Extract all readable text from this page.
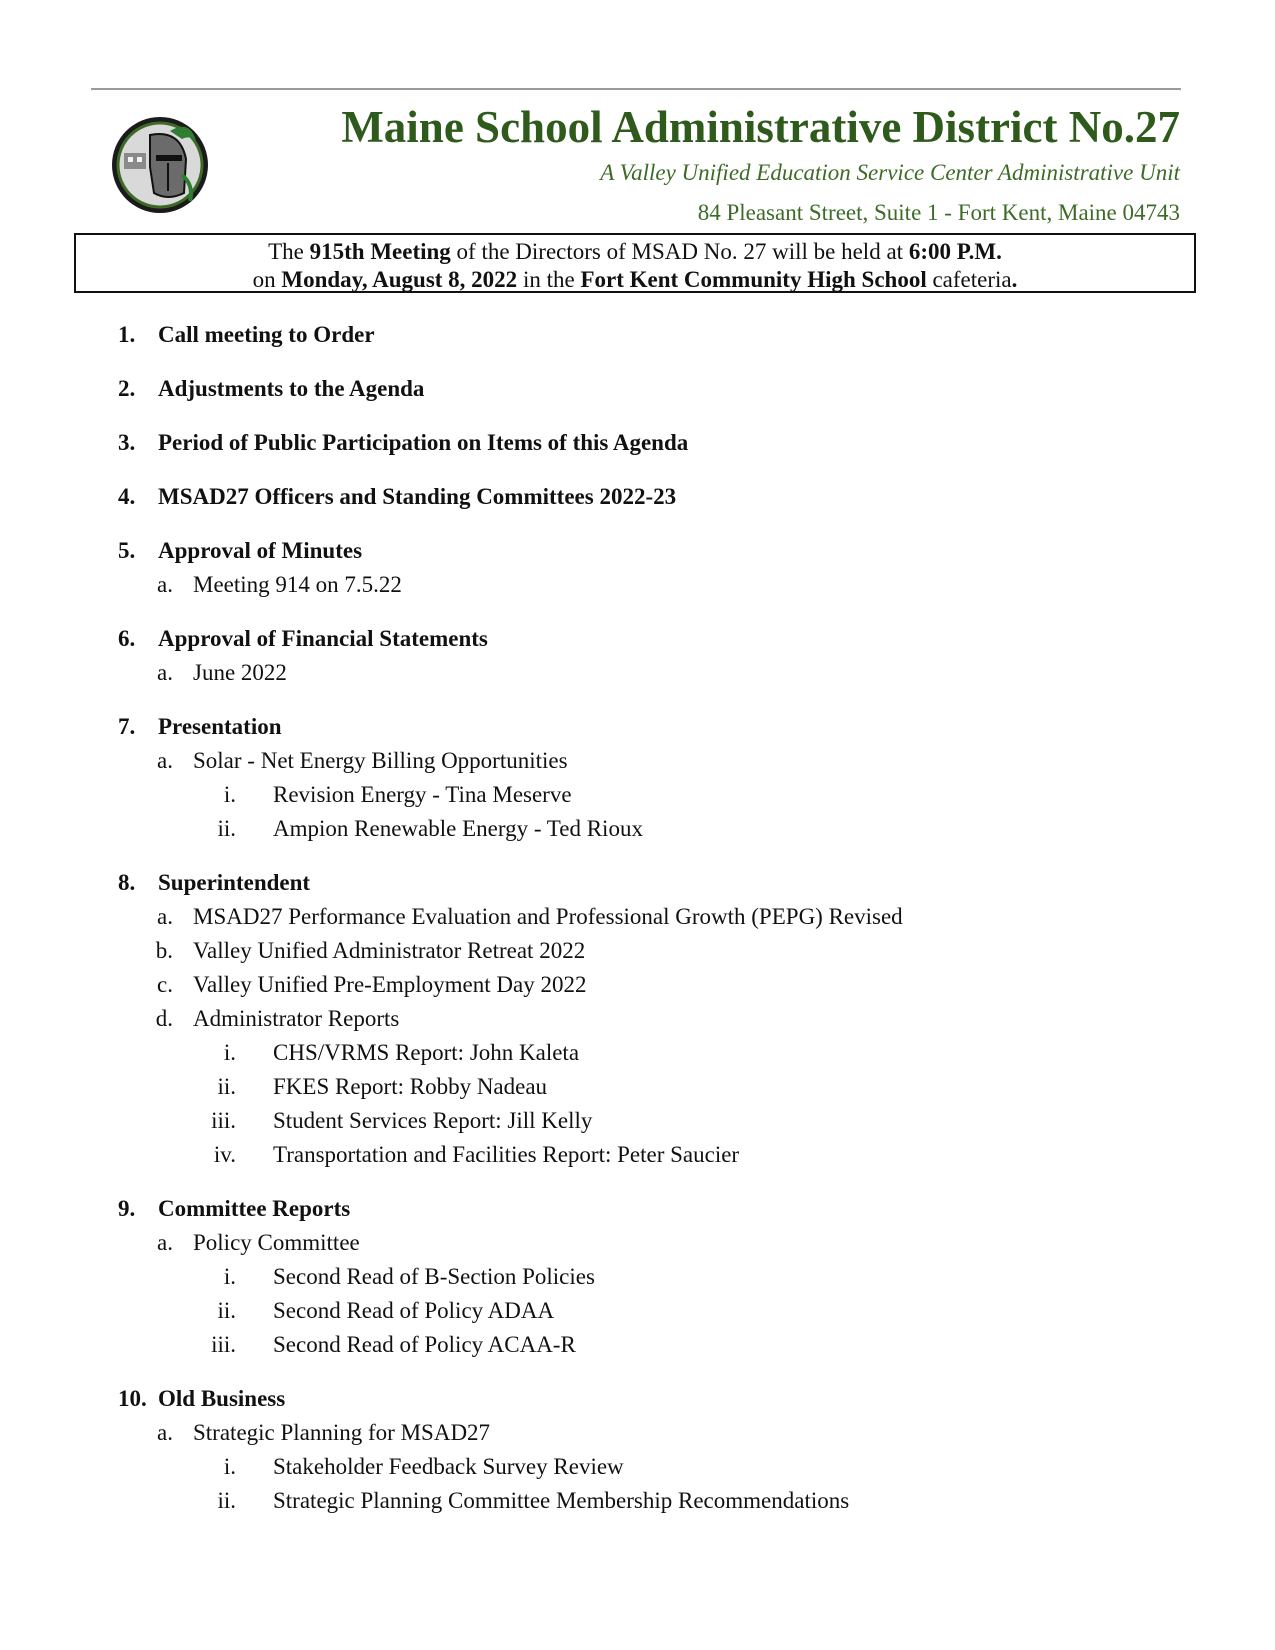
Maine School Administrative District No.27
A Valley Unified Education Service Center Administrative Unit
84 Pleasant Street, Suite 1 - Fort Kent, Maine 04743
The 915th Meeting of the Directors of MSAD No. 27 will be held at 6:00 P.M.
on Monday, August 8, 2022 in the Fort Kent Community High School cafeteria.
1. Call meeting to Order
2. Adjustments to the Agenda
3. Period of Public Participation on Items of this Agenda
4. MSAD27 Officers and Standing Committees 2022-23
5. Approval of Minutes
a. Meeting 914 on 7.5.22
6. Approval of Financial Statements
a. June 2022
7. Presentation
a. Solar - Net Energy Billing Opportunities
i.	Revision Energy - Tina Meserve
ii.	Ampion Renewable Energy - Ted Rioux
8. Superintendent
a. MSAD27 Performance Evaluation and Professional Growth (PEPG) Revised
b. Valley Unified Administrator Retreat 2022
c. Valley Unified Pre-Employment Day 2022
d. Administrator Reports
i.	CHS/VRMS Report: John Kaleta
ii.	FKES Report: Robby Nadeau
iii.	Student Services Report: Jill Kelly
iv.	Transportation and Facilities Report: Peter Saucier
9. Committee Reports
a. Policy Committee
i.	Second Read of B-Section Policies
ii.	Second Read of Policy ADAA
iii.	Second Read of Policy ACAA-R
10. Old Business
a. Strategic Planning for MSAD27
i.	Stakeholder Feedback Survey Review
ii.	Strategic Planning Committee Membership Recommendations
